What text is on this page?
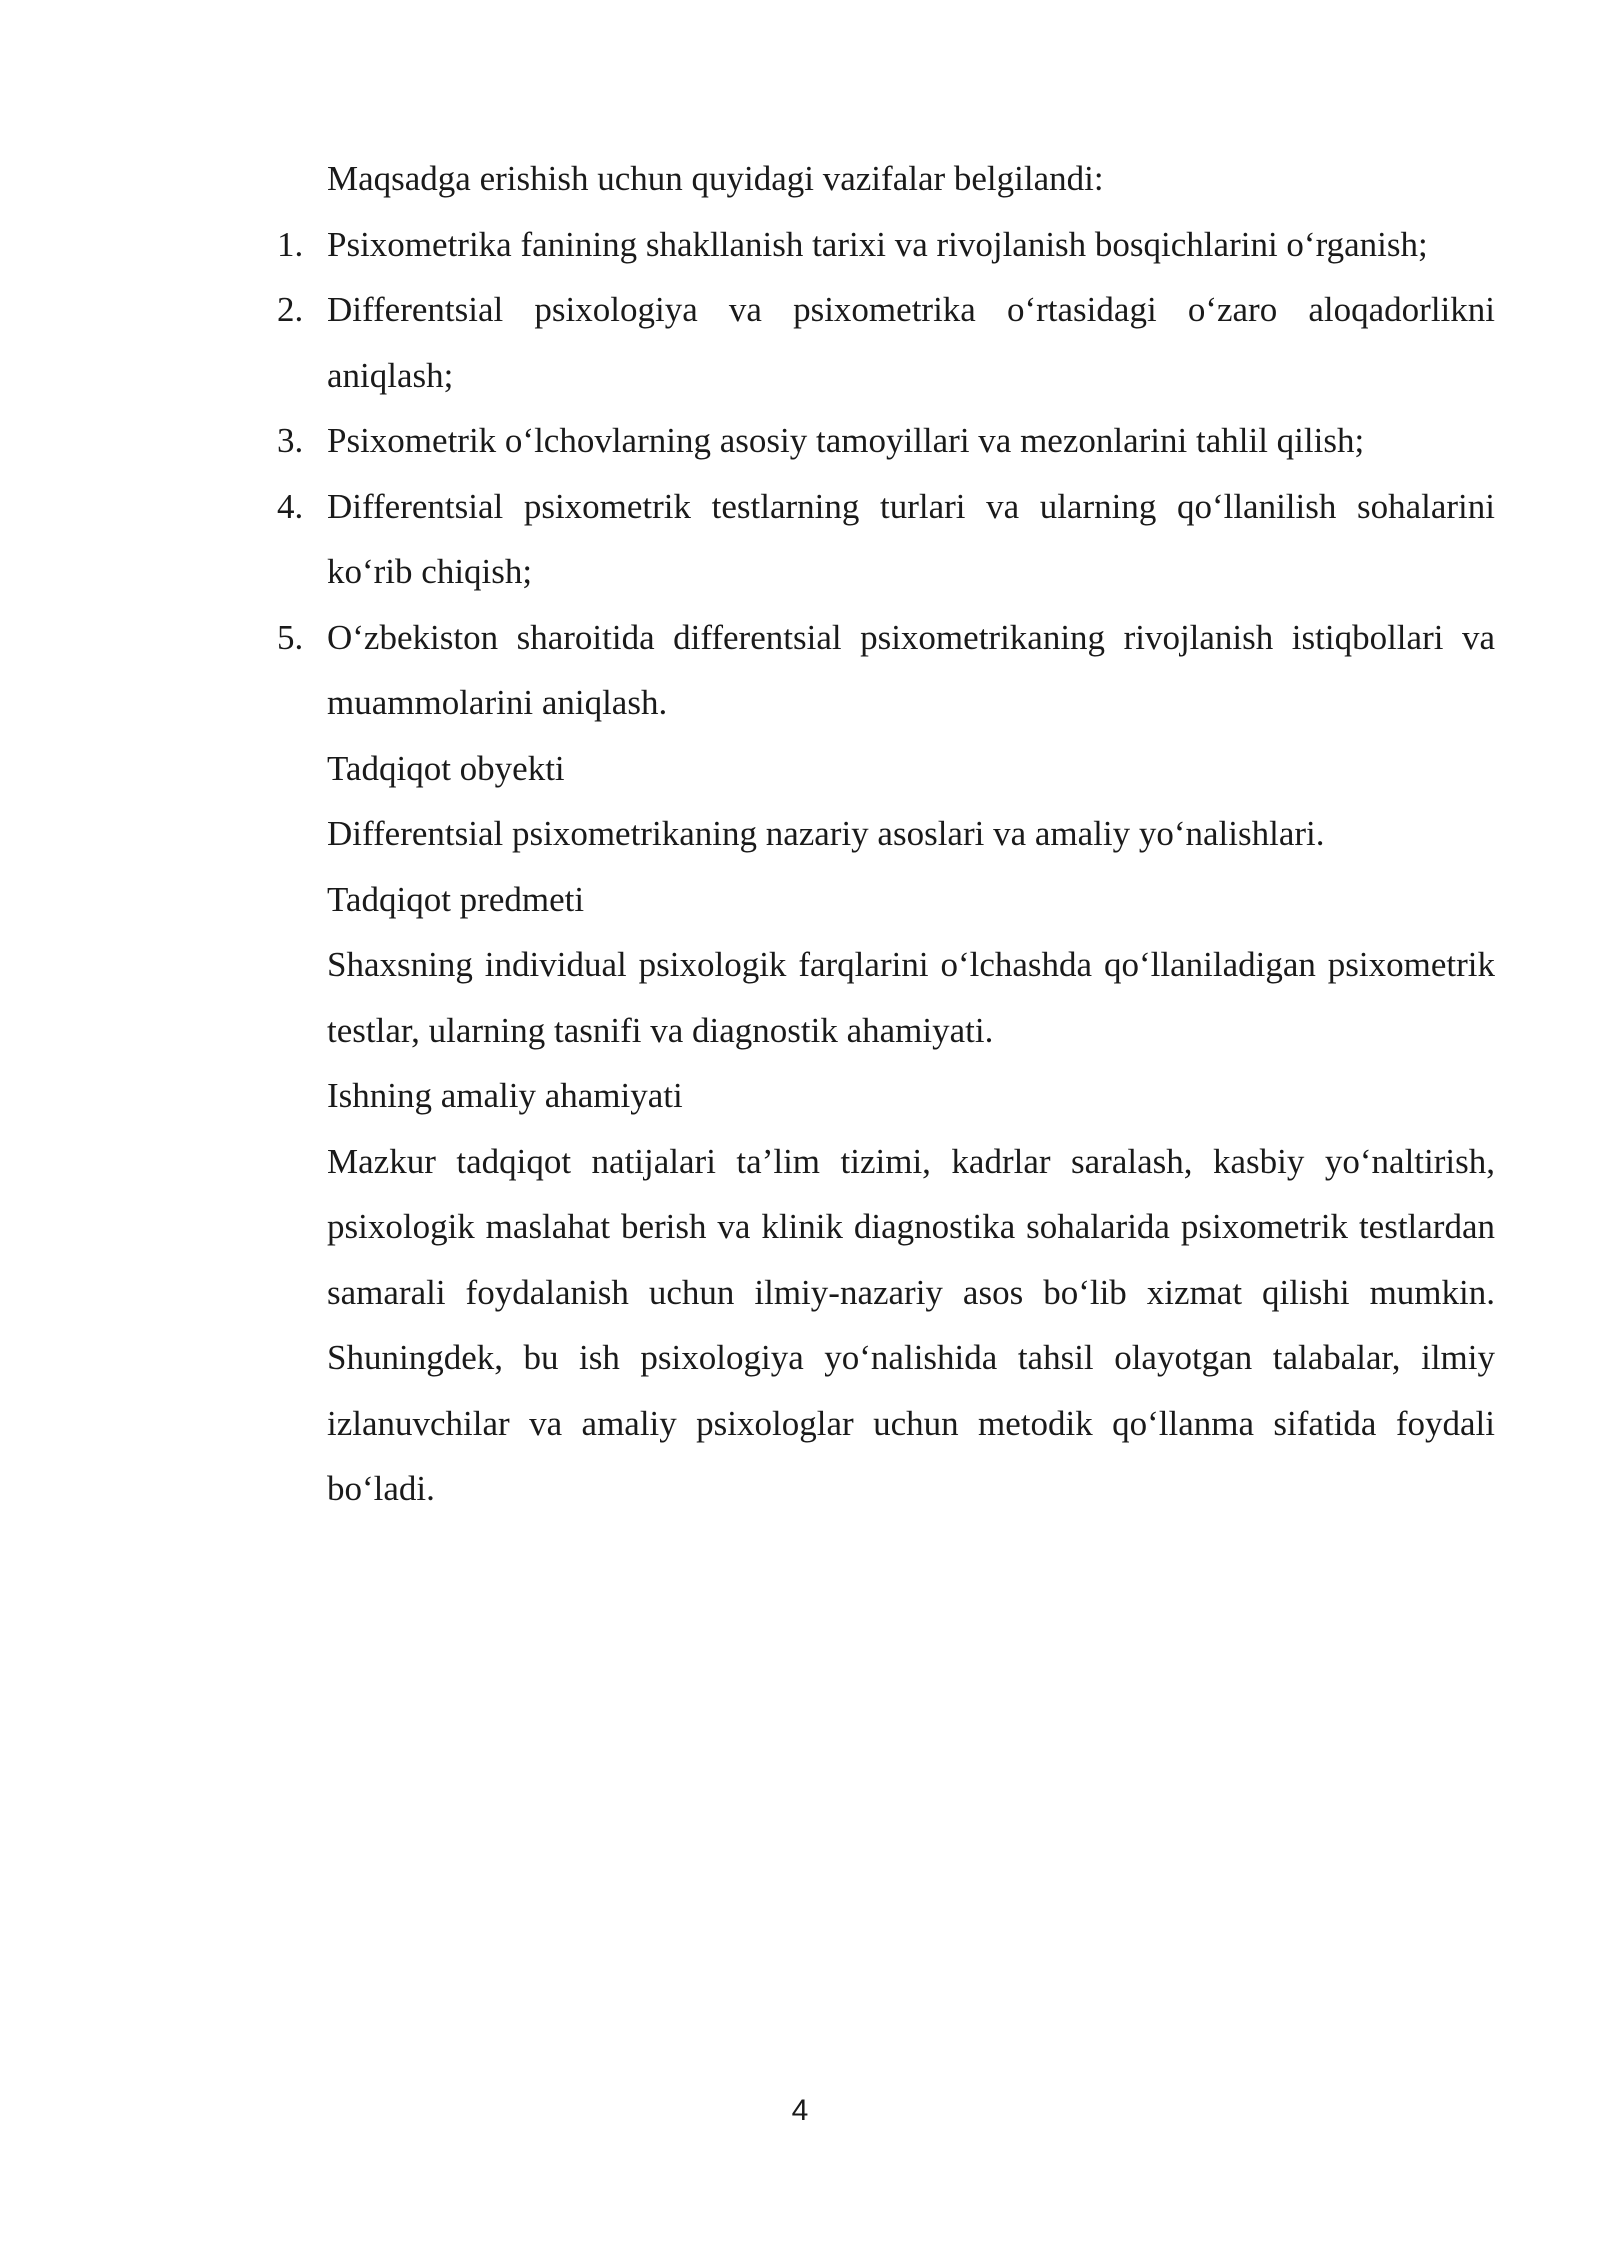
Maqsadga erishish uchun quyidagi vazifalar belgilandi:

1. Psixometrika fanining shakllanish tarixi va rivojlanish bosqichlarini o‘rganish;
2. Differentsial psixologiya va psixometrika o‘rtasidagi o‘zaro aloqadorlikni aniqlash;
3. Psixometrik o‘lchovlarning asosiy tamoyillari va mezonlarini tahlil qilish;
4. Differentsial psixometrik testlarning turlari va ularning qo‘llanilish sohalarini ko‘rib chiqish;
5. O‘zbekiston sharoitida differentsial psixometrikaning rivojlanish istiqbollari va muammolarini aniqlash.

Tadqiqot obyekti

Differentsial psixometrikaning nazariy asoslari va amaliy yo‘nalishlari.

Tadqiqot predmeti

Shaxsning individual psixologik farqlarini o‘lchashda qo‘llaniladigan psixometrik testlar, ularning tasnifi va diagnostik ahamiyati.

Ishning amaliy ahamiyati

Mazkur tadqiqot natijalari ta’lim tizimi, kadrlar saralash, kasbiy yo‘naltirish, psixologik maslahat berish va klinik diagnostika sohalarida psixometrik testlardan samarali foydalanish uchun ilmiy-nazariy asos bo‘lib xizmat qilishi mumkin. Shuningdek, bu ish psixologiya yo‘nalishida tahsil olayotgan talabalar, ilmiy izlanuvchilar va amaliy psixologlar uchun metodik qo‘llanma sifatida foydali bo‘ladi.

4
